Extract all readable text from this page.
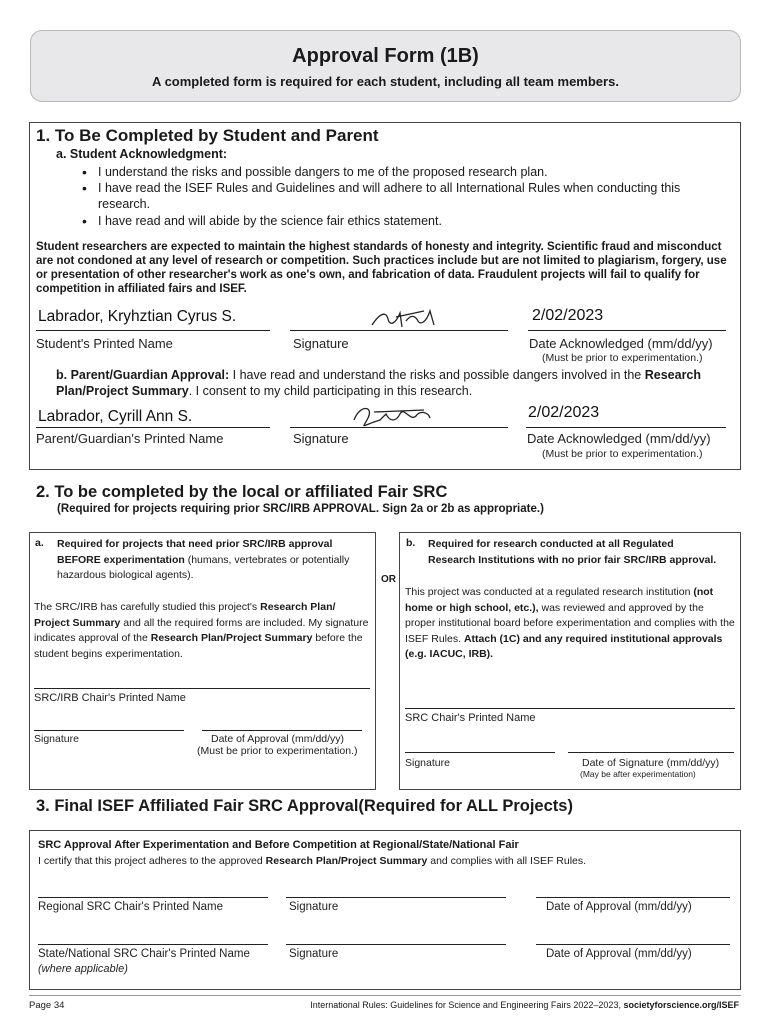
Approval Form (1B)
A completed form is required for each student, including all team members.
1. To Be Completed by Student and Parent
a. Student Acknowledgment:
• I understand the risks and possible dangers to me of the proposed research plan.
• I have read the ISEF Rules and Guidelines and will adhere to all International Rules when conducting this research.
• I have read and will abide by the science fair ethics statement.
Student researchers are expected to maintain the highest standards of honesty and integrity. Scientific fraud and misconduct are not condoned at any level of research or competition. Such practices include but are not limited to plagiarism, forgery, use or presentation of other researcher's work as one's own, and fabrication of data. Fraudulent projects will fail to qualify for competition in affiliated fairs and ISEF.
Labrador, Kryhztian Cyrus S.	2/02/2023
Student's Printed Name	Signature	Date Acknowledged (mm/dd/yy)
(Must be prior to experimentation.)
b. Parent/Guardian Approval: I have read and understand the risks and possible dangers involved in the Research Plan/Project Summary. I consent to my child participating in this research.
Labrador, Cyrill Ann S.	2/02/2023
Parent/Guardian's Printed Name	Signature	Date Acknowledged (mm/dd/yy)
(Must be prior to experimentation.)
2. To be completed by the local or affiliated Fair SRC
(Required for projects requiring prior SRC/IRB APPROVAL. Sign 2a or 2b as appropriate.)
a. Required for projects that need prior SRC/IRB approval BEFORE experimentation (humans, vertebrates or potentially hazardous biological agents).
The SRC/IRB has carefully studied this project's Research Plan/ Project Summary and all the required forms are included. My signature indicates approval of the Research Plan/Project Summary before the student begins experimentation.
SRC/IRB Chair's Printed Name
Signature	Date of Approval (mm/dd/yy)
(Must be prior to experimentation.)
OR
b. Required for research conducted at all Regulated Research Institutions with no prior fair SRC/IRB approval.
This project was conducted at a regulated research institution (not home or high school, etc.), was reviewed and approved by the proper institutional board before experimentation and complies with the ISEF Rules. Attach (1C) and any required institutional approvals (e.g. IACUC, IRB).
SRC Chair's Printed Name
Signature	Date of Signature (mm/dd/yy)
(May be after experimentation)
3. Final ISEF Affiliated Fair SRC Approval(Required for ALL Projects)
SRC Approval After Experimentation and Before Competition at Regional/State/National Fair
I certify that this project adheres to the approved Research Plan/Project Summary and complies with all ISEF Rules.
Regional SRC Chair's Printed Name	Signature	Date of Approval (mm/dd/yy)
State/National SRC Chair's Printed Name
(where applicable)
Signature	Date of Approval (mm/dd/yy)
Page 34	International Rules: Guidelines for Science and Engineering Fairs 2022–2023, societyforscience.org/ISEF
